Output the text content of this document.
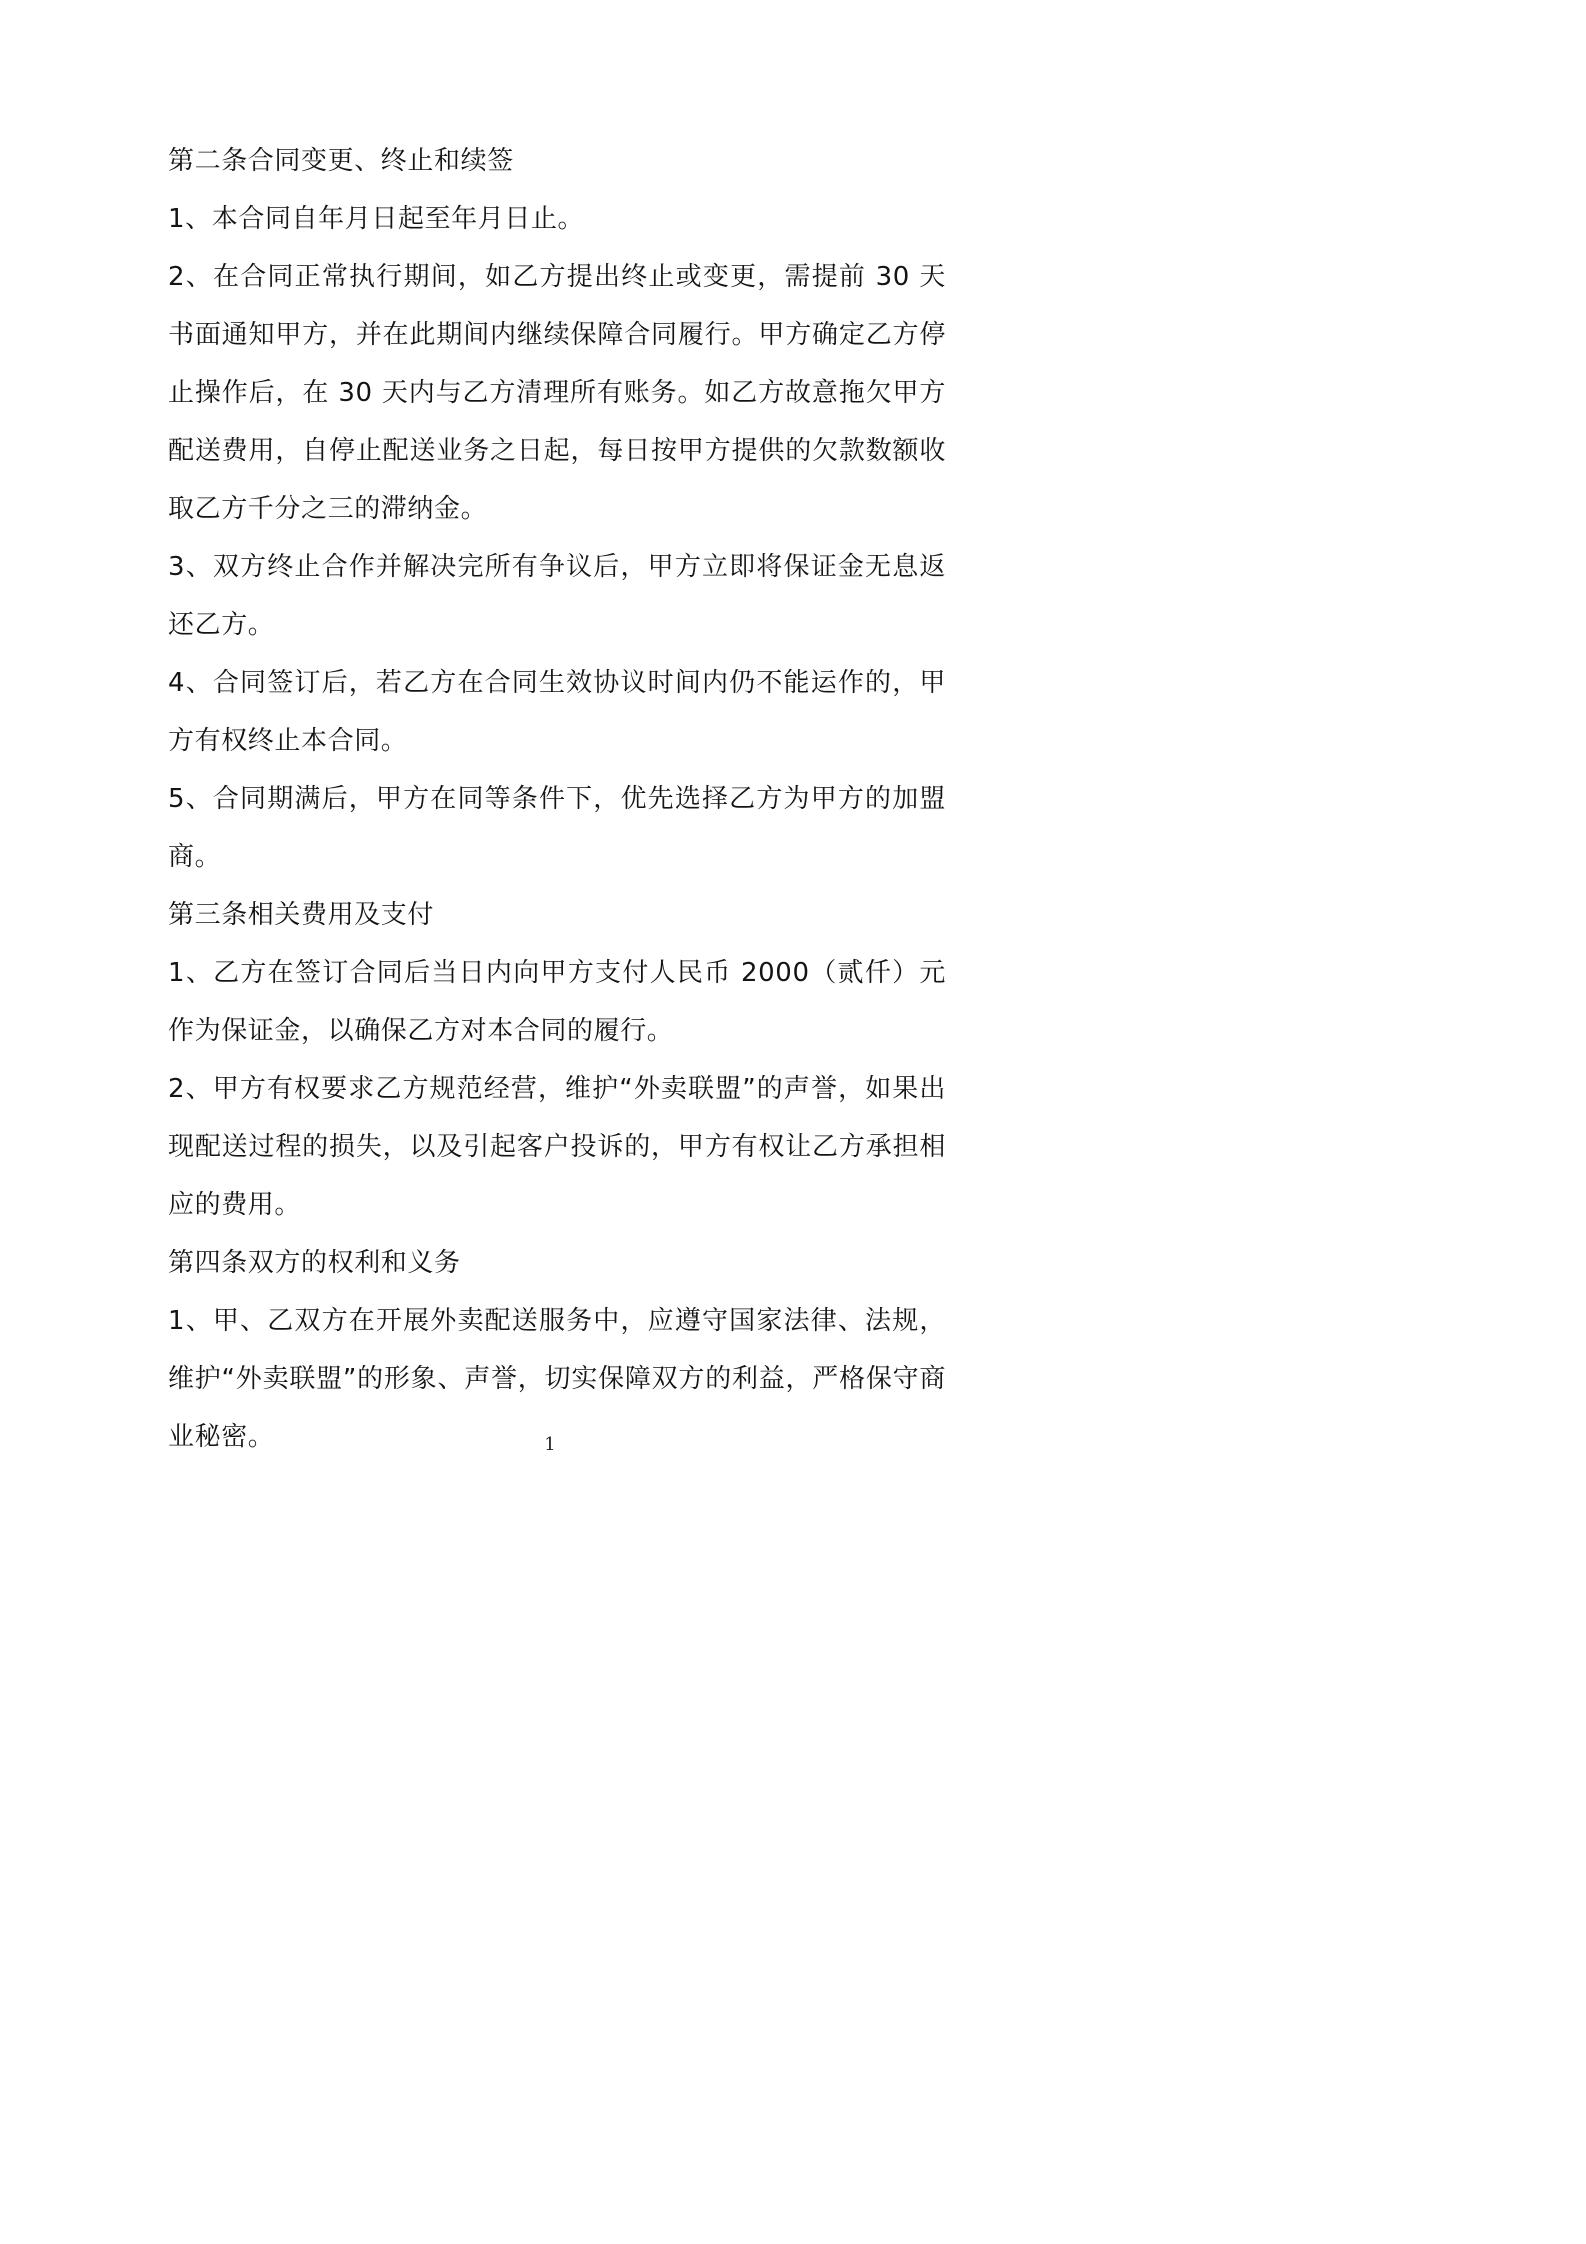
第二条合同变更、终止和续签

1、本合同自年月日起至年月日止。

2、在合同正常执行期间，如乙方提出终止或变更，需提前 30 天书面通知甲方，并在此期间内继续保障合同履行。甲方确定乙方停止操作后，在 30 天内与乙方清理所有账务。如乙方故意拖欠甲方配送费用，自停止配送业务之日起，每日按甲方提供的欠款数额收取乙方千分之三的滞纳金。

3、双方终止合作并解决完所有争议后，甲方立即将保证金无息返还乙方。

4、合同签订后，若乙方在合同生效协议时间内仍不能运作的，甲方有权终止本合同。

5、合同期满后，甲方在同等条件下，优先选择乙方为甲方的加盟商。

第三条相关费用及支付

1、乙方在签订合同后当日内向甲方支付人民币 2000（贰仟）元作为保证金，以确保乙方对本合同的履行。

2、甲方有权要求乙方规范经营，维护“外卖联盟”的声誉，如果出现配送过程的损失，以及引起客户投诉的，甲方有权让乙方承担相应的费用。

第四条双方的权利和义务

1、甲、乙双方在开展外卖配送服务中，应遵守国家法律、法规，维护“外卖联盟”的形象、声誉，切实保障双方的利益，严格保守商业秘密。	1
